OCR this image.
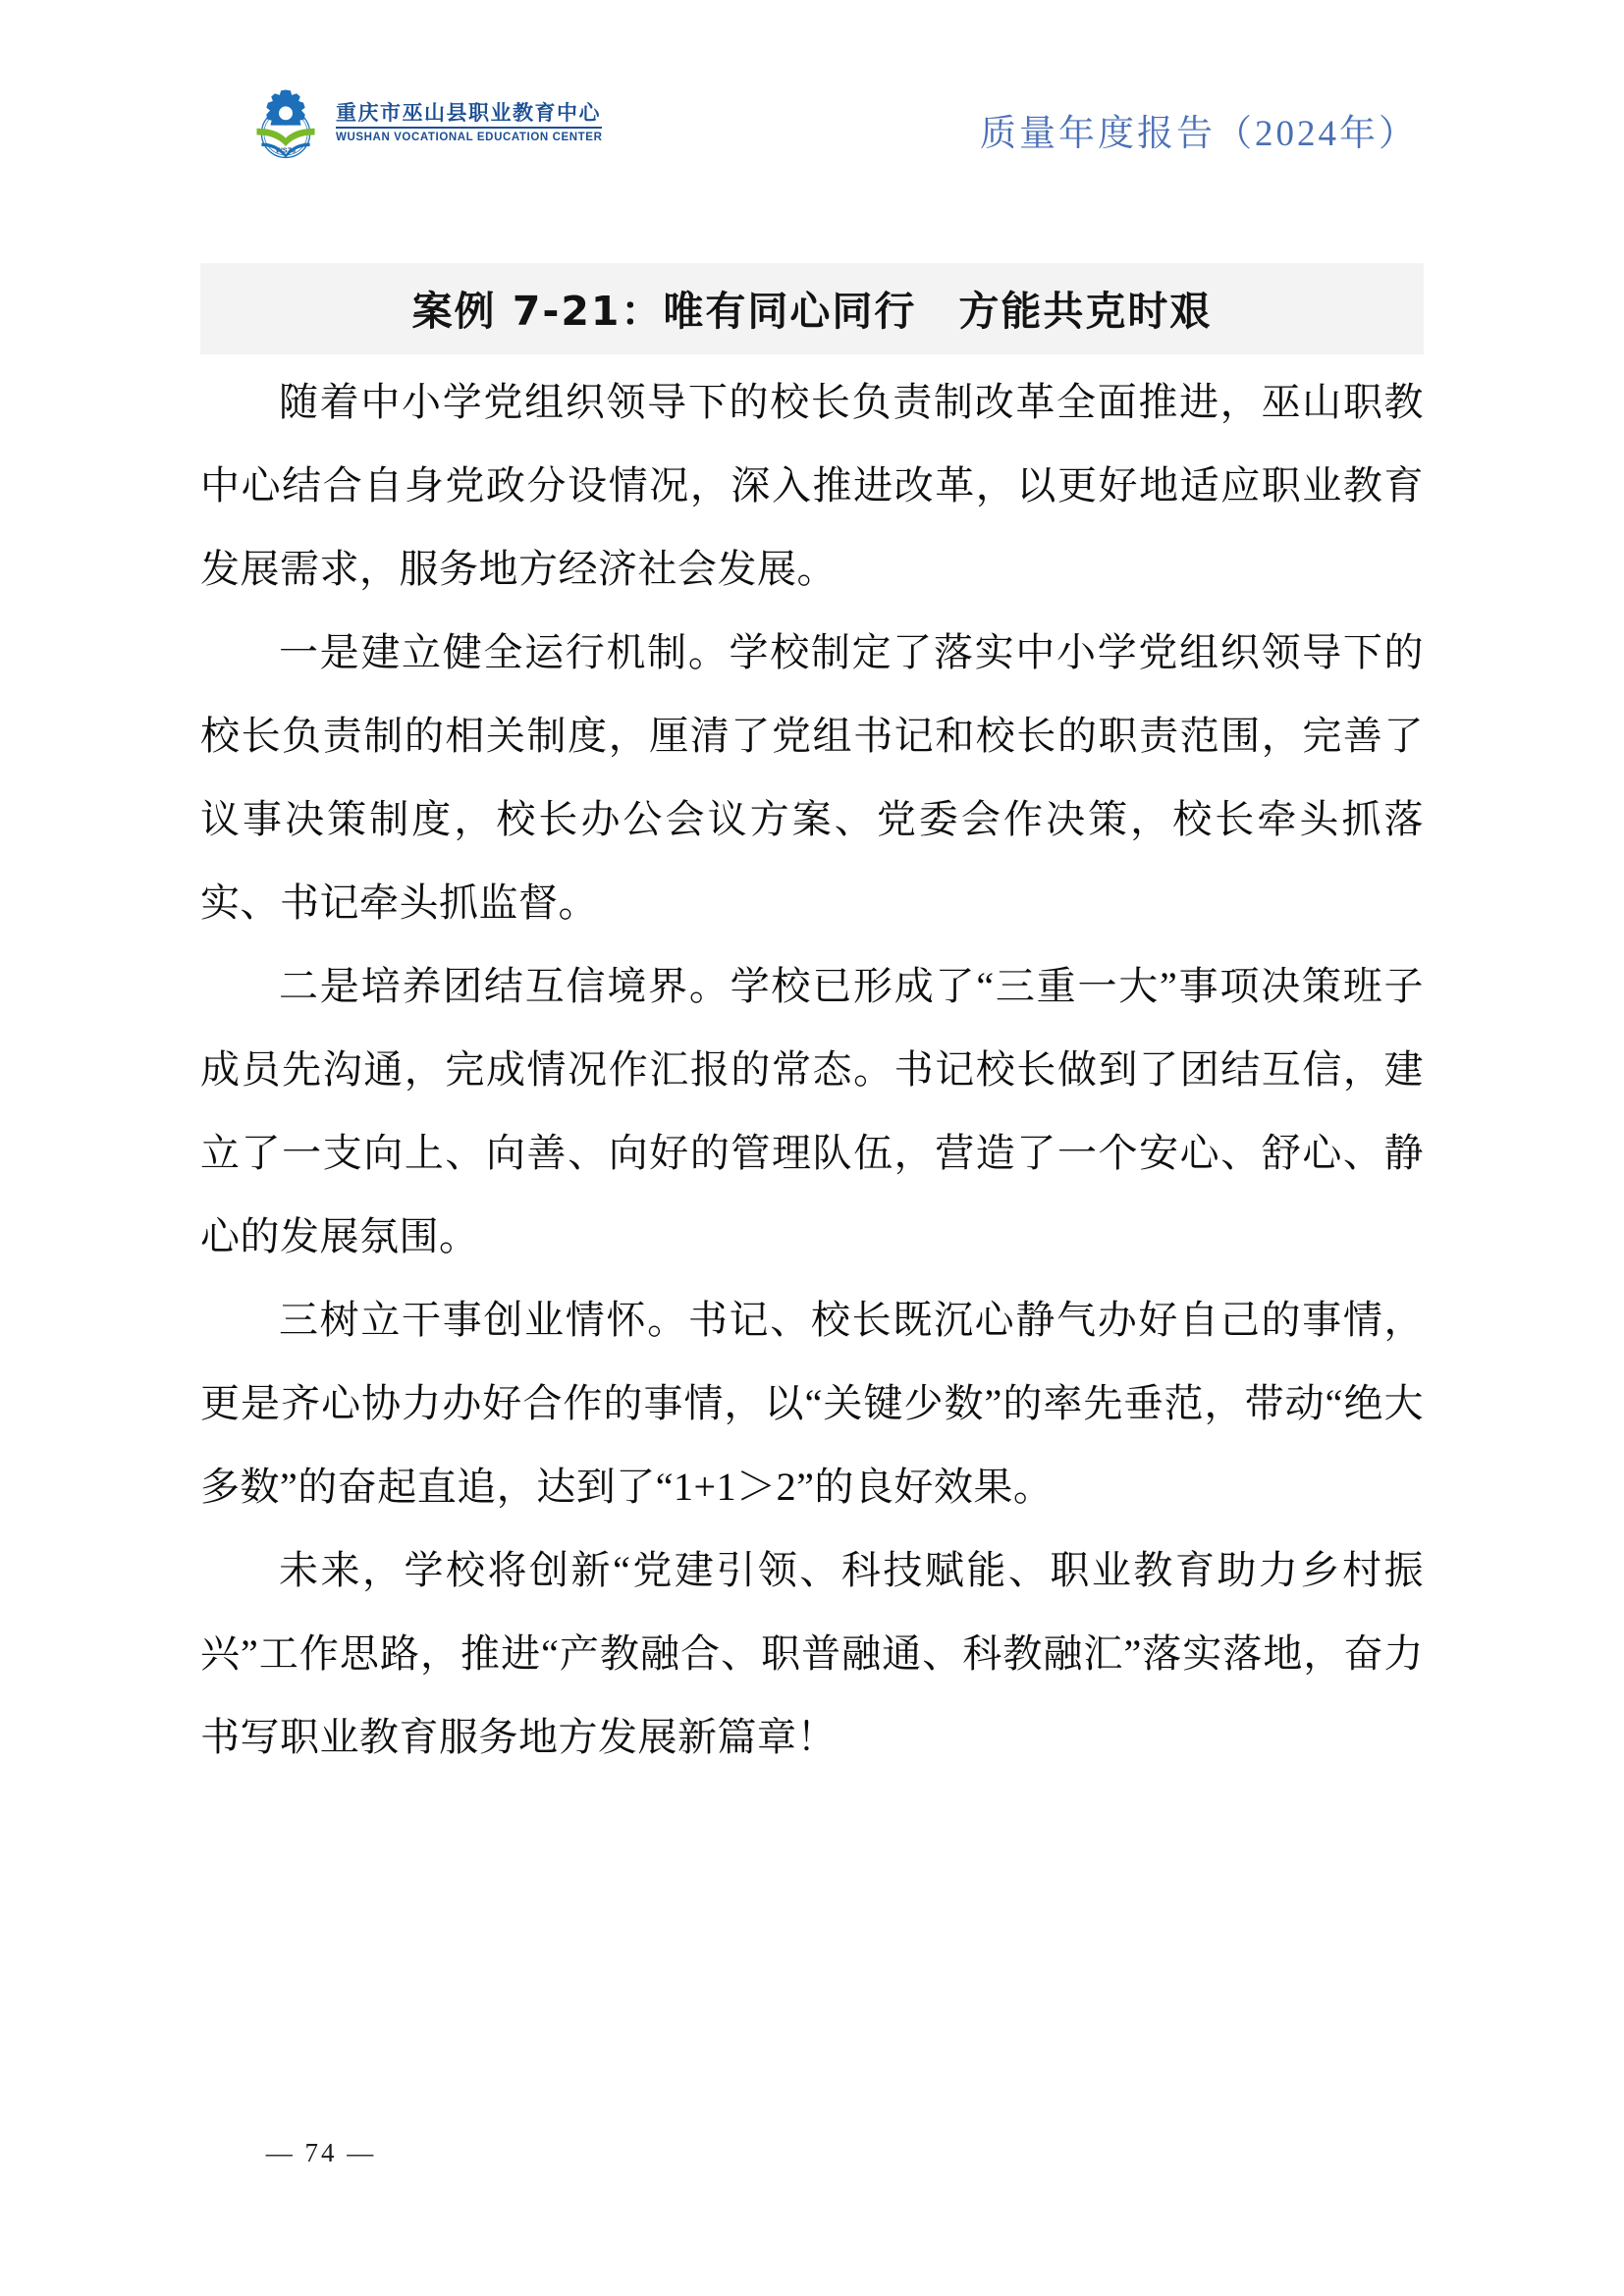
WSZJ
重庆市巫山县职业教育中心
WUSHAN VOCATIONAL EDUCATION CENTER	质量年度报告（2024年）
案例 7-21：唯有同心同行　方能共克时艰

随着中小学党组织领导下的校长负责制改革全面推进，巫山职教中心结合自身党政分设情况，深入推进改革，以更好地适应职业教育发展需求，服务地方经济社会发展。

一是建立健全运行机制。学校制定了落实中小学党组织领导下的校长负责制的相关制度，厘清了党组书记和校长的职责范围，完善了议事决策制度，校长办公会议方案、党委会作决策，校长牵头抓落实、书记牵头抓监督。

二是培养团结互信境界。学校已形成了“三重一大”事项决策班子成员先沟通，完成情况作汇报的常态。书记校长做到了团结互信，建立了一支向上、向善、向好的管理队伍，营造了一个安心、舒心、静心的发展氛围。

三树立干事创业情怀。书记、校长既沉心静气办好自己的事情，更是齐心协力办好合作的事情，以“关键少数”的率先垂范，带动“绝大多数”的奋起直追，达到了“1+1＞2”的良好效果。

未来，学校将创新“党建引领、科技赋能、职业教育助力乡村振兴”工作思路，推进“产教融合、职普融通、科教融汇”落实落地，奋力书写职业教育服务地方发展新篇章！

— 74 —
